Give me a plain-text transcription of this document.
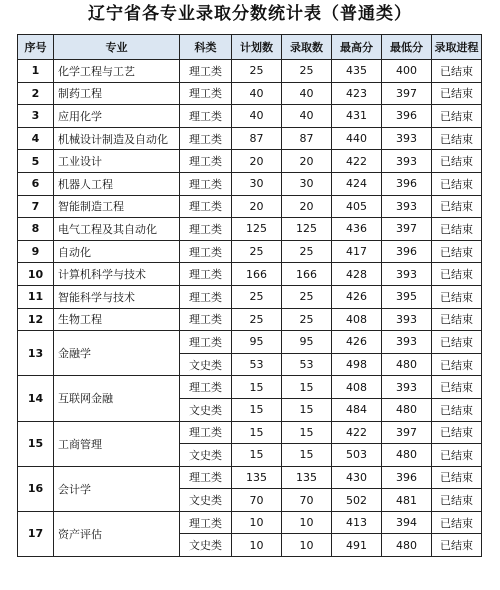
辽宁省各专业录取分数统计表（普通类）
序号	专业	科类	计划数	录取数	最高分	最低分	录取进程
1	化学工程与工艺	理工类	25	25	435	400	已结束
2	制药工程	理工类	40	40	423	397	已结束
3	应用化学	理工类	40	40	431	396	已结束
4	机械设计制造及自动化	理工类	87	87	440	393	已结束
5	工业设计	理工类	20	20	422	393	已结束
6	机器人工程	理工类	30	30	424	396	已结束
7	智能制造工程	理工类	20	20	405	393	已结束
8	电气工程及其自动化	理工类	125	125	436	397	已结束
9	自动化	理工类	25	25	417	396	已结束
10	计算机科学与技术	理工类	166	166	428	393	已结束
11	智能科学与技术	理工类	25	25	426	395	已结束
12	生物工程	理工类	25	25	408	393	已结束
13	金融学	理工类	95	95	426	393	已结束
		文史类	53	53	498	480	已结束
14	互联网金融	理工类	15	15	408	393	已结束
		文史类	15	15	484	480	已结束
15	工商管理	理工类	15	15	422	397	已结束
		文史类	15	15	503	480	已结束
16	会计学	理工类	135	135	430	396	已结束
		文史类	70	70	502	481	已结束
17	资产评估	理工类	10	10	413	394	已结束
		文史类	10	10	491	480	已结束
